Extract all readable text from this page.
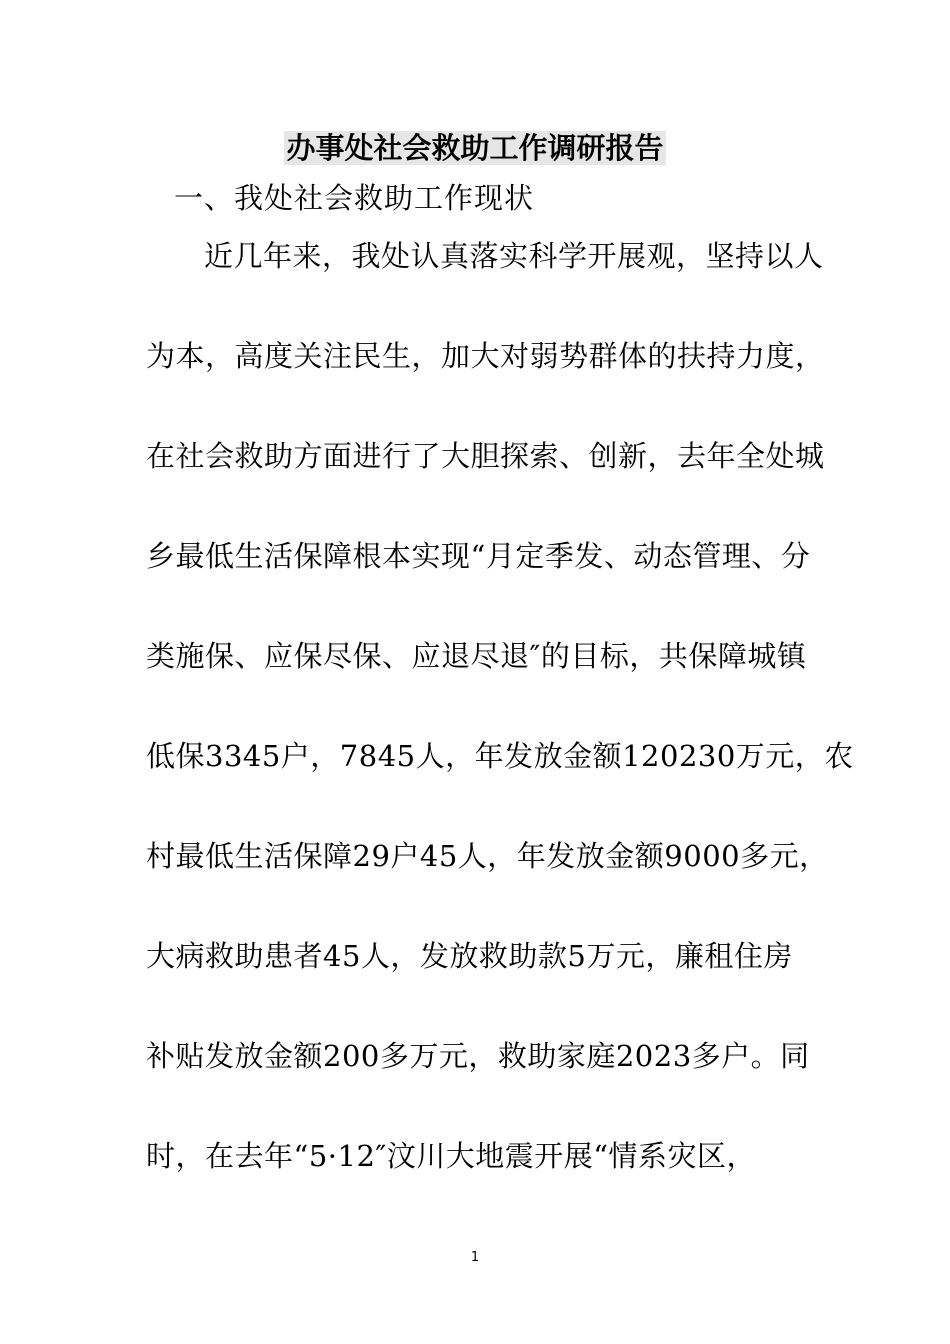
办事处社会救助工作调研报告
一、我处社会救助工作现状
近几年来，我处认真落实科学开展观，坚持以人
为本，高度关注民生，加大对弱势群体的扶持力度，
在社会救助方面进行了大胆探索、创新，去年全处城
乡最低生活保障根本实现“月定季发、动态管理、分
类施保、应保尽保、应退尽退″的目标，共保障城镇
低保3345户，7845人，年发放金额120230万元，农
村最低生活保障29户45人，年发放金额9000多元，
大病救助患者45人，发放救助款5万元，廉租住房
补贴发放金额200多万元，救助家庭2023多户。同
时，在去年“5·12″汶川大地震开展“情系灾区，
1
